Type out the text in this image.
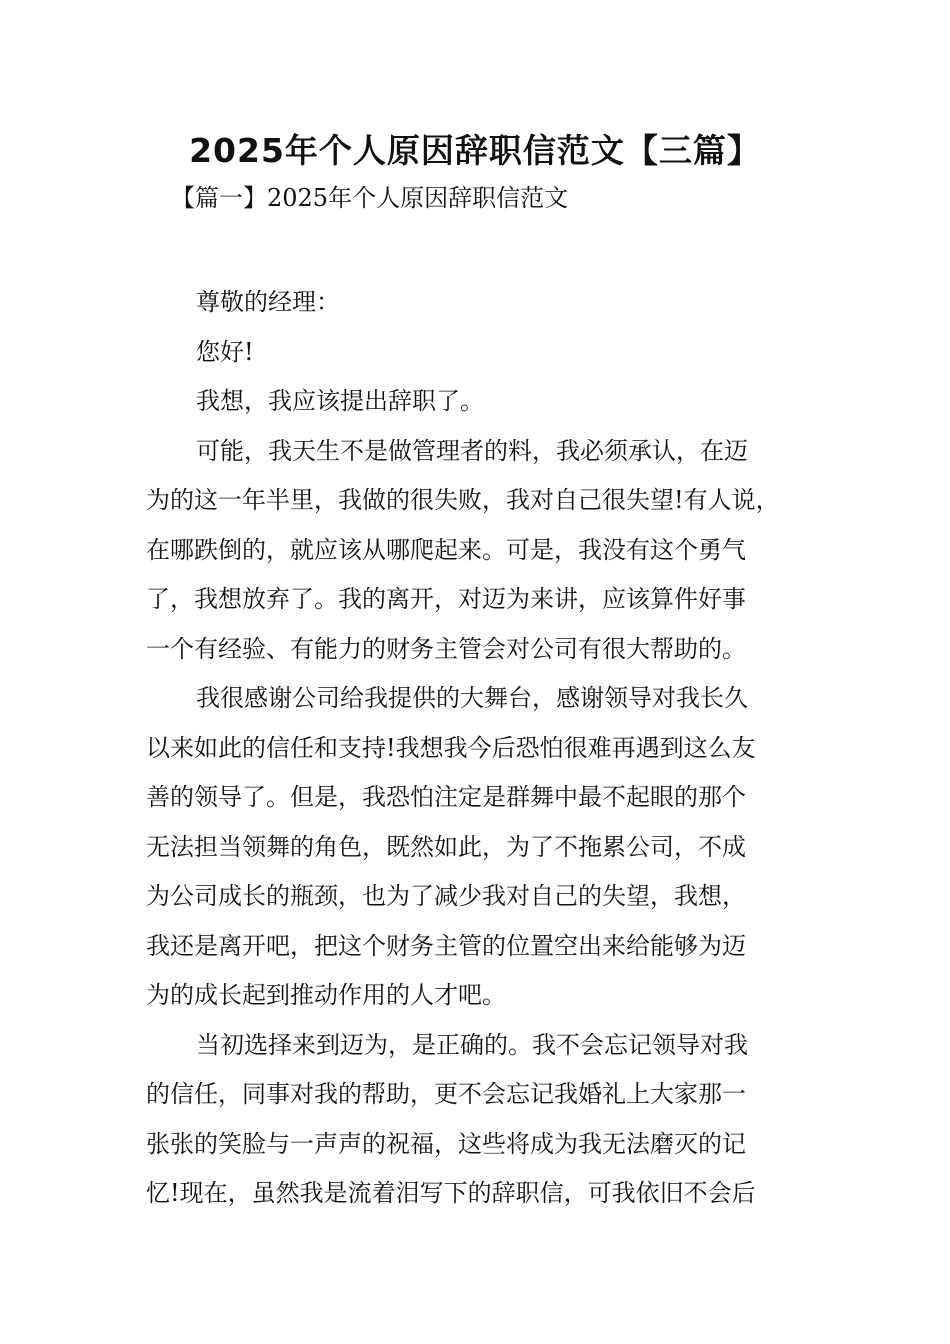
2025年个人原因辞职信范文【三篇】
【篇一】2025年个人原因辞职信范文
尊敬的经理：
您好!
我想，我应该提出辞职了。
可能，我天生不是做管理者的料，我必须承认，在迈
为的这一年半里，我做的很失败，我对自己很失望!有人说，
在哪跌倒的，就应该从哪爬起来。可是，我没有这个勇气
了，我想放弃了。我的离开，对迈为来讲，应该算件好事
一个有经验、有能力的财务主管会对公司有很大帮助的。
我很感谢公司给我提供的大舞台，感谢领导对我长久
以来如此的信任和支持!我想我今后恐怕很难再遇到这么友
善的领导了。但是，我恐怕注定是群舞中最不起眼的那个
无法担当领舞的角色，既然如此，为了不拖累公司，不成
为公司成长的瓶颈，也为了减少我对自己的失望，我想，
我还是离开吧，把这个财务主管的位置空出来给能够为迈
为的成长起到推动作用的人才吧。
当初选择来到迈为，是正确的。我不会忘记领导对我
的信任，同事对我的帮助，更不会忘记我婚礼上大家那一
张张的笑脸与一声声的祝福，这些将成为我无法磨灭的记
忆!现在，虽然我是流着泪写下的辞职信，可我依旧不会后
